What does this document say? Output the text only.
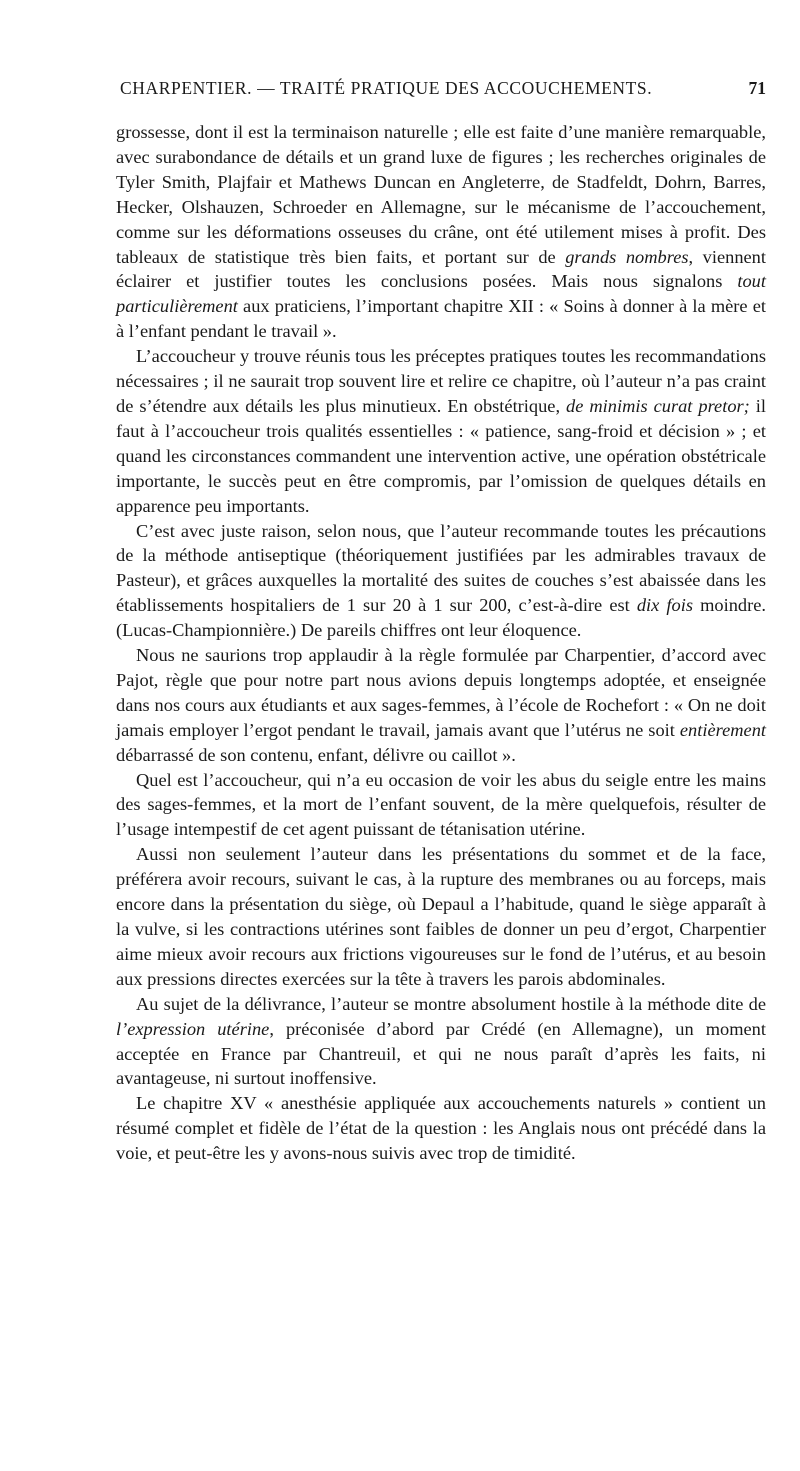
CHARPENTIER. — TRAITÉ PRATIQUE DES ACCOUCHEMENTS.	71

grossesse, dont il est la terminaison naturelle ; elle est faite d’une manière remarquable, avec surabondance de détails et un grand luxe de figures ; les recherches originales de Tyler Smith, Plajfair et Mathews Duncan en Angleterre, de Stadfeldt, Dohrn, Barres, Hecker, Olshauzen, Schroeder en Allemagne, sur le mécanisme de l’accouchement, comme sur les déformations osseuses du crâne, ont été utilement mises à profit. Des tableaux de statistique très bien faits, et portant sur de grands nombres, viennent éclairer et justifier toutes les conclusions posées. Mais nous signalons tout particulièrement aux praticiens, l’important chapitre XII : « Soins à donner à la mère et à l’enfant pendant le travail ».

L’accoucheur y trouve réunis tous les préceptes pratiques toutes les recommandations nécessaires ; il ne saurait trop souvent lire et relire ce chapitre, où l’auteur n’a pas craint de s’étendre aux détails les plus minutieux. En obstétrique, de minimis curat pretor; il faut à l’accoucheur trois qualités essentielles : « patience, sang-froid et décision » ; et quand les circonstances commandent une intervention active, une opération obstétricale importante, le succès peut en être compromis, par l’omission de quelques détails en apparence peu importants.

C’est avec juste raison, selon nous, que l’auteur recommande toutes les précautions de la méthode antiseptique (théoriquement justifiées par les admirables travaux de Pasteur), et grâces auxquelles la mortalité des suites de couches s’est abaissée dans les établissements hospitaliers de 1 sur 20 à 1 sur 200, c’est-à-dire est dix fois moindre. (Lucas-Championnière.) De pareils chiffres ont leur éloquence.

Nous ne saurions trop applaudir à la règle formulée par Charpentier, d’accord avec Pajot, règle que pour notre part nous avions depuis longtemps adoptée, et enseignée dans nos cours aux étudiants et aux sages-femmes, à l’école de Rochefort : « On ne doit jamais employer l’ergot pendant le travail, jamais avant que l’utérus ne soit entièrement débarrassé de son contenu, enfant, délivre ou caillot ».

Quel est l’accoucheur, qui n’a eu occasion de voir les abus du seigle entre les mains des sages-femmes, et la mort de l’enfant souvent, de la mère quelquefois, résulter de l’usage intempestif de cet agent puissant de tétanisation utérine.

Aussi non seulement l’auteur dans les présentations du sommet et de la face, préférera avoir recours, suivant le cas, à la rupture des membranes ou au forceps, mais encore dans la présentation du siège, où Depaul a l’habitude, quand le siège apparaît à la vulve, si les contractions utérines sont faibles de donner un peu d’ergot, Charpentier aime mieux avoir recours aux frictions vigoureuses sur le fond de l’utérus, et au besoin aux pressions directes exercées sur la tête à travers les parois abdominales.

Au sujet de la délivrance, l’auteur se montre absolument hostile à la méthode dite de l’expression utérine, préconisée d’abord par Crédé (en Allemagne), un moment acceptée en France par Chantreuil, et qui ne nous paraît d’après les faits, ni avantageuse, ni surtout inoffensive.

Le chapitre XV « anesthésie appliquée aux accouchements naturels » contient un résumé complet et fidèle de l’état de la question : les Anglais nous ont précédé dans la voie, et peut-être les y avons-nous suivis avec trop de timidité.
